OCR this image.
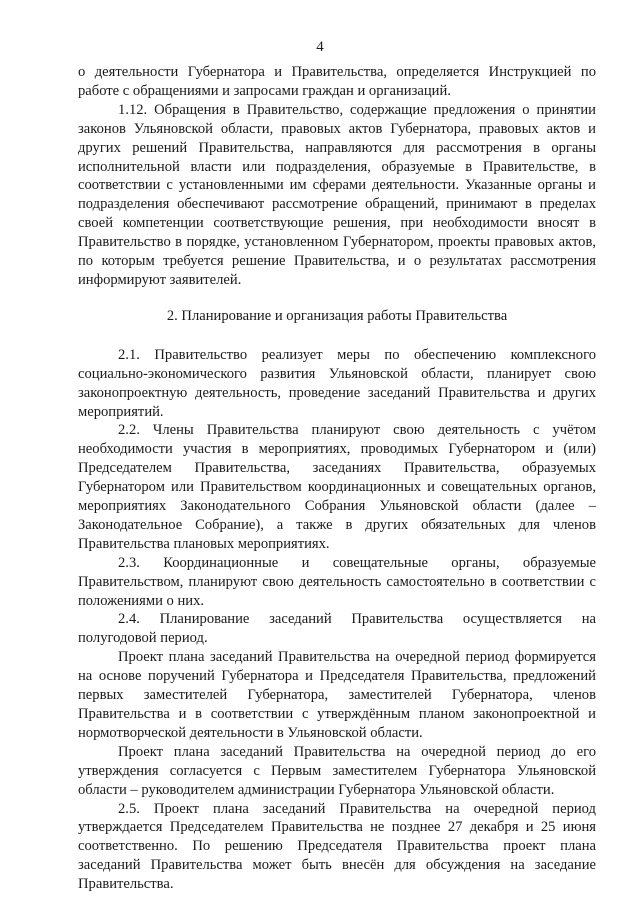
4

о деятельности Губернатора и Правительства, определяется Инструкцией по работе с обращениями и запросами граждан и организаций.

1.12. Обращения в Правительство, содержащие предложения о принятии законов Ульяновской области, правовых актов Губернатора, правовых актов и других решений Правительства, направляются для рассмотрения в органы исполнительной власти или подразделения, образуемые в Правительстве, в соответствии с установленными им сферами деятельности. Указанные органы и подразделения обеспечивают рассмотрение обращений, принимают в пределах своей компетенции соответствующие решения, при необходимости вносят в Правительство в порядке, установленном Губернатором, проекты правовых актов, по которым требуется решение Правительства, и о результатах рассмотрения информируют заявителей.

2. Планирование и организация работы Правительства

2.1. Правительство реализует меры по обеспечению комплексного социально-экономического развития Ульяновской области, планирует свою законопроектную деятельность, проведение заседаний Правительства и других мероприятий.

2.2. Члены Правительства планируют свою деятельность с учётом необходимости участия в мероприятиях, проводимых Губернатором и (или) Председателем Правительства, заседаниях Правительства, образуемых Губернатором или Правительством координационных и совещательных органов, мероприятиях Законодательного Собрания Ульяновской области (далее – Законодательное Собрание), а также в других обязательных для членов Правительства плановых мероприятиях.

2.3. Координационные и совещательные органы, образуемые Правительством, планируют свою деятельность самостоятельно в соответствии с положениями о них.

2.4. Планирование заседаний Правительства осуществляется на полугодовой период.

Проект плана заседаний Правительства на очередной период формируется на основе поручений Губернатора и Председателя Правительства, предложений первых заместителей Губернатора, заместителей Губернатора, членов Правительства и в соответствии с утверждённым планом законопроектной и нормотворческой деятельности в Ульяновской области.

Проект плана заседаний Правительства на очередной период до его утверждения согласуется с Первым заместителем Губернатора Ульяновской области – руководителем администрации Губернатора Ульяновской области.

2.5. Проект плана заседаний Правительства на очередной период утверждается Председателем Правительства не позднее 27 декабря и 25 июня соответственно. По решению Председателя Правительства проект плана заседаний Правительства может быть внесён для обсуждения на заседание Правительства.
